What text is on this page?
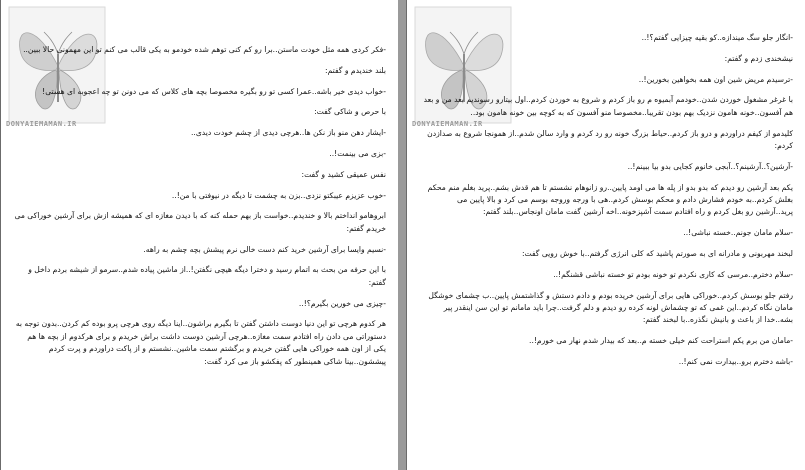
DONYAIEMAMAN.IR

-فکر کردی همه مثل خودت ماستن..برا رو کم کنی توهم شده خودمو به یکی قالب می کنم تو این مهمونی حالا ببین..

بلند خندیدم و گفتم:

-خواب دیدی خیر باشه..عمرا کسی تو رو بگیره مخصوصا بچه های کلاس که می دونن تو چه اعجوبه ای هستی!

با حرص و شاکی گفت:

-ایشار دهن منو باز نکن ها..هرچی دیدی از چشم خودت دیدی..

-بزی می بینمت!..

نفس عمیقی کشید و گفت:

-خوب عزیزم عیبکتو نزدی..بزن به چشمت تا دیگه در نیوفتی با من!..

ابروهامو انداختم بالا و خندیدم..خواست باز بهم حمله کنه که با دیدن مغازه ای که همیشه ازش برای آرشین خوراکی می خریدم گفتم:

-نسیم وایسا برای آرشین خرید کنم دست خالی نرم پیشش بچه چشم به راهه.

با این حرفه من بحث به اتمام رسید و دخترا دیگه هیچی نگفتن!..از ماشین پیاده شدم..سرمو از شیشه بردم داخل و گفتم:

-چیزی می خورین بگیرم؟!..

هر کدوم هرچی تو این دنیا دوست داشتن گفتن تا بگیرم براشون..اینا دیگه روی هرچی پرو بوده کم کردن..بدون توجه به دستوراتی می دادن راه افتادم سمت مغازه..هرچی آرشین دوست داشت براش خریدم و برای هرکدوم از بچه ها هم یکی از اون همه خوراکی هایی گفتن خریدم و برگشتم سمت ماشین..نشستم و از پاکت دراوردم و پرت کردم پیششون..بینا شاکی همینطور که پفکشو باز می کرد گفت:

DONYAIEMAMAN.IR

-انگار جلو سگ میندازه..کو بقیه چیزایی گفتم؟!..

نیشخندی زدم و گفتم:

-ترسیدم مریض شین اون همه بخواهین بخورین!..

با غرغر مشغول خوردن شدن..خودمم آبمیوه م رو باز کردم و شروع به خوردن کردم..اول بیتارو رسوندیم بعد من و بعد هم آفسون..خونه هامون نزدیک بهم بودن تقریبا..مخصوصا منو آفسون که به کوچه بین خونه هامون بود..

کلیدمو از کیفم دراوردم و درو باز کردم..حیاط بزرگ خونه رو رد کردم و وارد سالن شدم..از همونجا شروع به صدازدن کردم:

-آرشین؟..آرشینم؟..آبجی خانوم کجایی بدو بیا ببینم!..

یکم بعد آرشین رو دیدم که بدو بدو از پله ها می اومد پایین..رو زانوهام نشستم تا هم قدش بشم..پرید بغلم منم محکم بغلش کردم..به خودم فشارش دادم و محکم بوسش کردم..هی با ورجه وروجه بوسم می کرد و بالا پایین می پرید..آرشین رو بغل کردم و راه افتادم سمت آشپزخونه..اخه آرشین گفت مامان اونجاس..بلند گفتم:

-سلام مامان جونم..خسته نباشی!..

لبخند مهربونی و مادرانه ای به صورتم پاشید که کلی انرژی گرفتم..با خوش رویی گفت:

-سلام دخترم..مرسی که کاری نکردم تو خونه بودم تو خسته نباشی قشنگم!..

رفتم جلو بوسش کردم..خوراکی هایی برای آرشین خریده بودم و دادم دستش و گذاشتمش پایین..ب چشمای خوشگل مامان نگاه کردم..این غمی که تو چشماش لونه کرده رو دیدم و دلم گرفت..چرا باید مامانم تو این سن اینقدر پیر بشه..خدا از باعث و بانیش نگذره..با لبخند گفتم:

-مامان من برم یکم استراحت کنم خیلی خسته م..بعد که بیدار شدم نهار می خورم!..

-باشه دخترم برو..بیدارت نمی کنم!..
